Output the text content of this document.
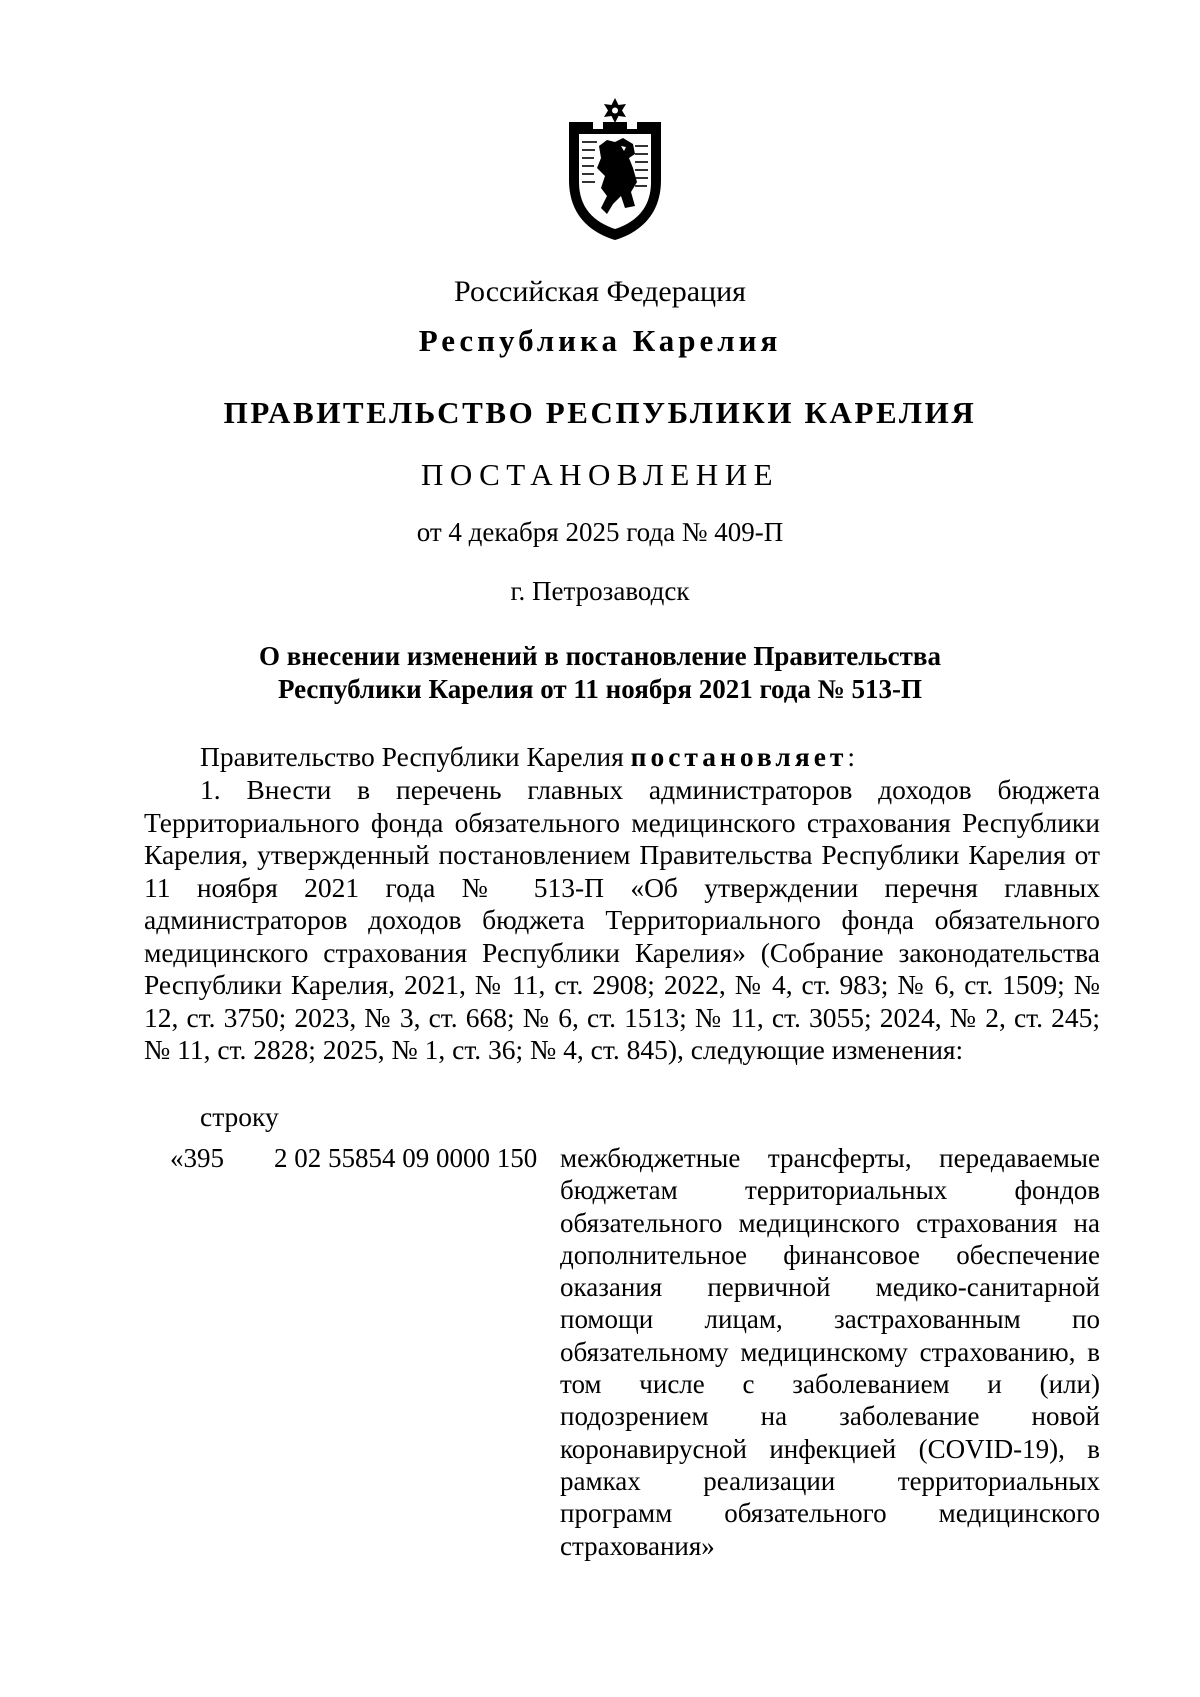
Российская Федерация
Республика Карелия
ПРАВИТЕЛЬСТВО РЕСПУБЛИКИ КАРЕЛИЯ
ПОСТАНОВЛЕНИЕ
от 4 декабря 2025 года № 409-П
г. Петрозаводск
О внесении изменений в постановление Правительства
Республики Карелия от 11 ноября 2021 года № 513-П
Правительство Республики Карелия постановляет:
1. Внести в перечень главных администраторов доходов бюджета Территориального фонда обязательного медицинского страхования Республики Карелия, утвержденный постановлением Правительства Республики Карелия от 11 ноября 2021 года № 513-П «Об утверждении перечня главных администраторов доходов бюджета Территориального фонда обязательного медицинского страхования Республики Карелия» (Собрание законодательства Республики Карелия, 2021, № 11, ст. 2908; 2022, № 4, ст. 983; № 6, ст. 1509; № 12, ст. 3750; 2023, № 3, ст. 668; № 6, ст. 1513; № 11, ст. 3055; 2024, № 2, ст. 245; № 11, ст. 2828; 2025, № 1, ст. 36; № 4, ст. 845), следующие изменения:
строку
«395 2 02 55854 09 0000 150 межбюджетные трансферты, передаваемые бюджетам территориальных фондов обязательного медицинского страхования на дополнительное финансовое обеспечение оказания первичной медико-санитарной помощи лицам, застрахованным по обязательному медицинскому страхованию, в том числе с заболеванием и (или) подозрением на заболевание новой коронавирусной инфекцией (COVID-19), в рамках реализации территориальных программ обязательного медицинского страхования»
